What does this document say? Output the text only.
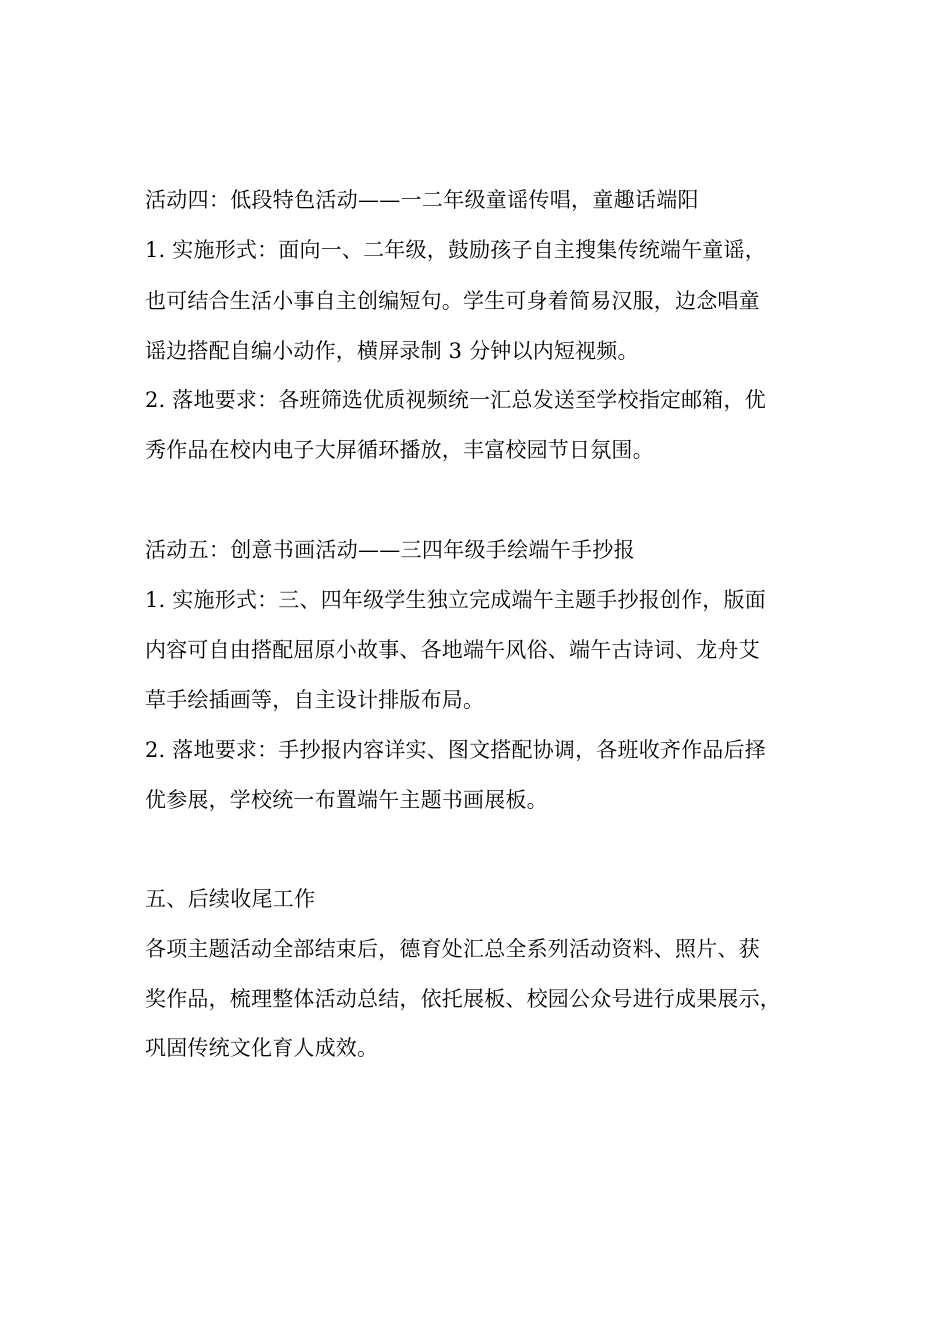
活动四：低段特色活动——一二年级童谣传唱，童趣话端阳
1. 实施形式：面向一、二年级，鼓励孩子自主搜集传统端午童谣，
也可结合生活小事自主创编短句。学生可身着简易汉服，边念唱童
谣边搭配自编小动作，横屏录制 3 分钟以内短视频。
2. 落地要求：各班筛选优质视频统一汇总发送至学校指定邮箱，优
秀作品在校内电子大屏循环播放，丰富校园节日氛围。
活动五：创意书画活动——三四年级手绘端午手抄报
1. 实施形式：三、四年级学生独立完成端午主题手抄报创作，版面
内容可自由搭配屈原小故事、各地端午风俗、端午古诗词、龙舟艾
草手绘插画等，自主设计排版布局。
2. 落地要求：手抄报内容详实、图文搭配协调，各班收齐作品后择
优参展，学校统一布置端午主题书画展板。
五、后续收尾工作
各项主题活动全部结束后，德育处汇总全系列活动资料、照片、获
奖作品，梳理整体活动总结，依托展板、校园公众号进行成果展示，
巩固传统文化育人成效。
